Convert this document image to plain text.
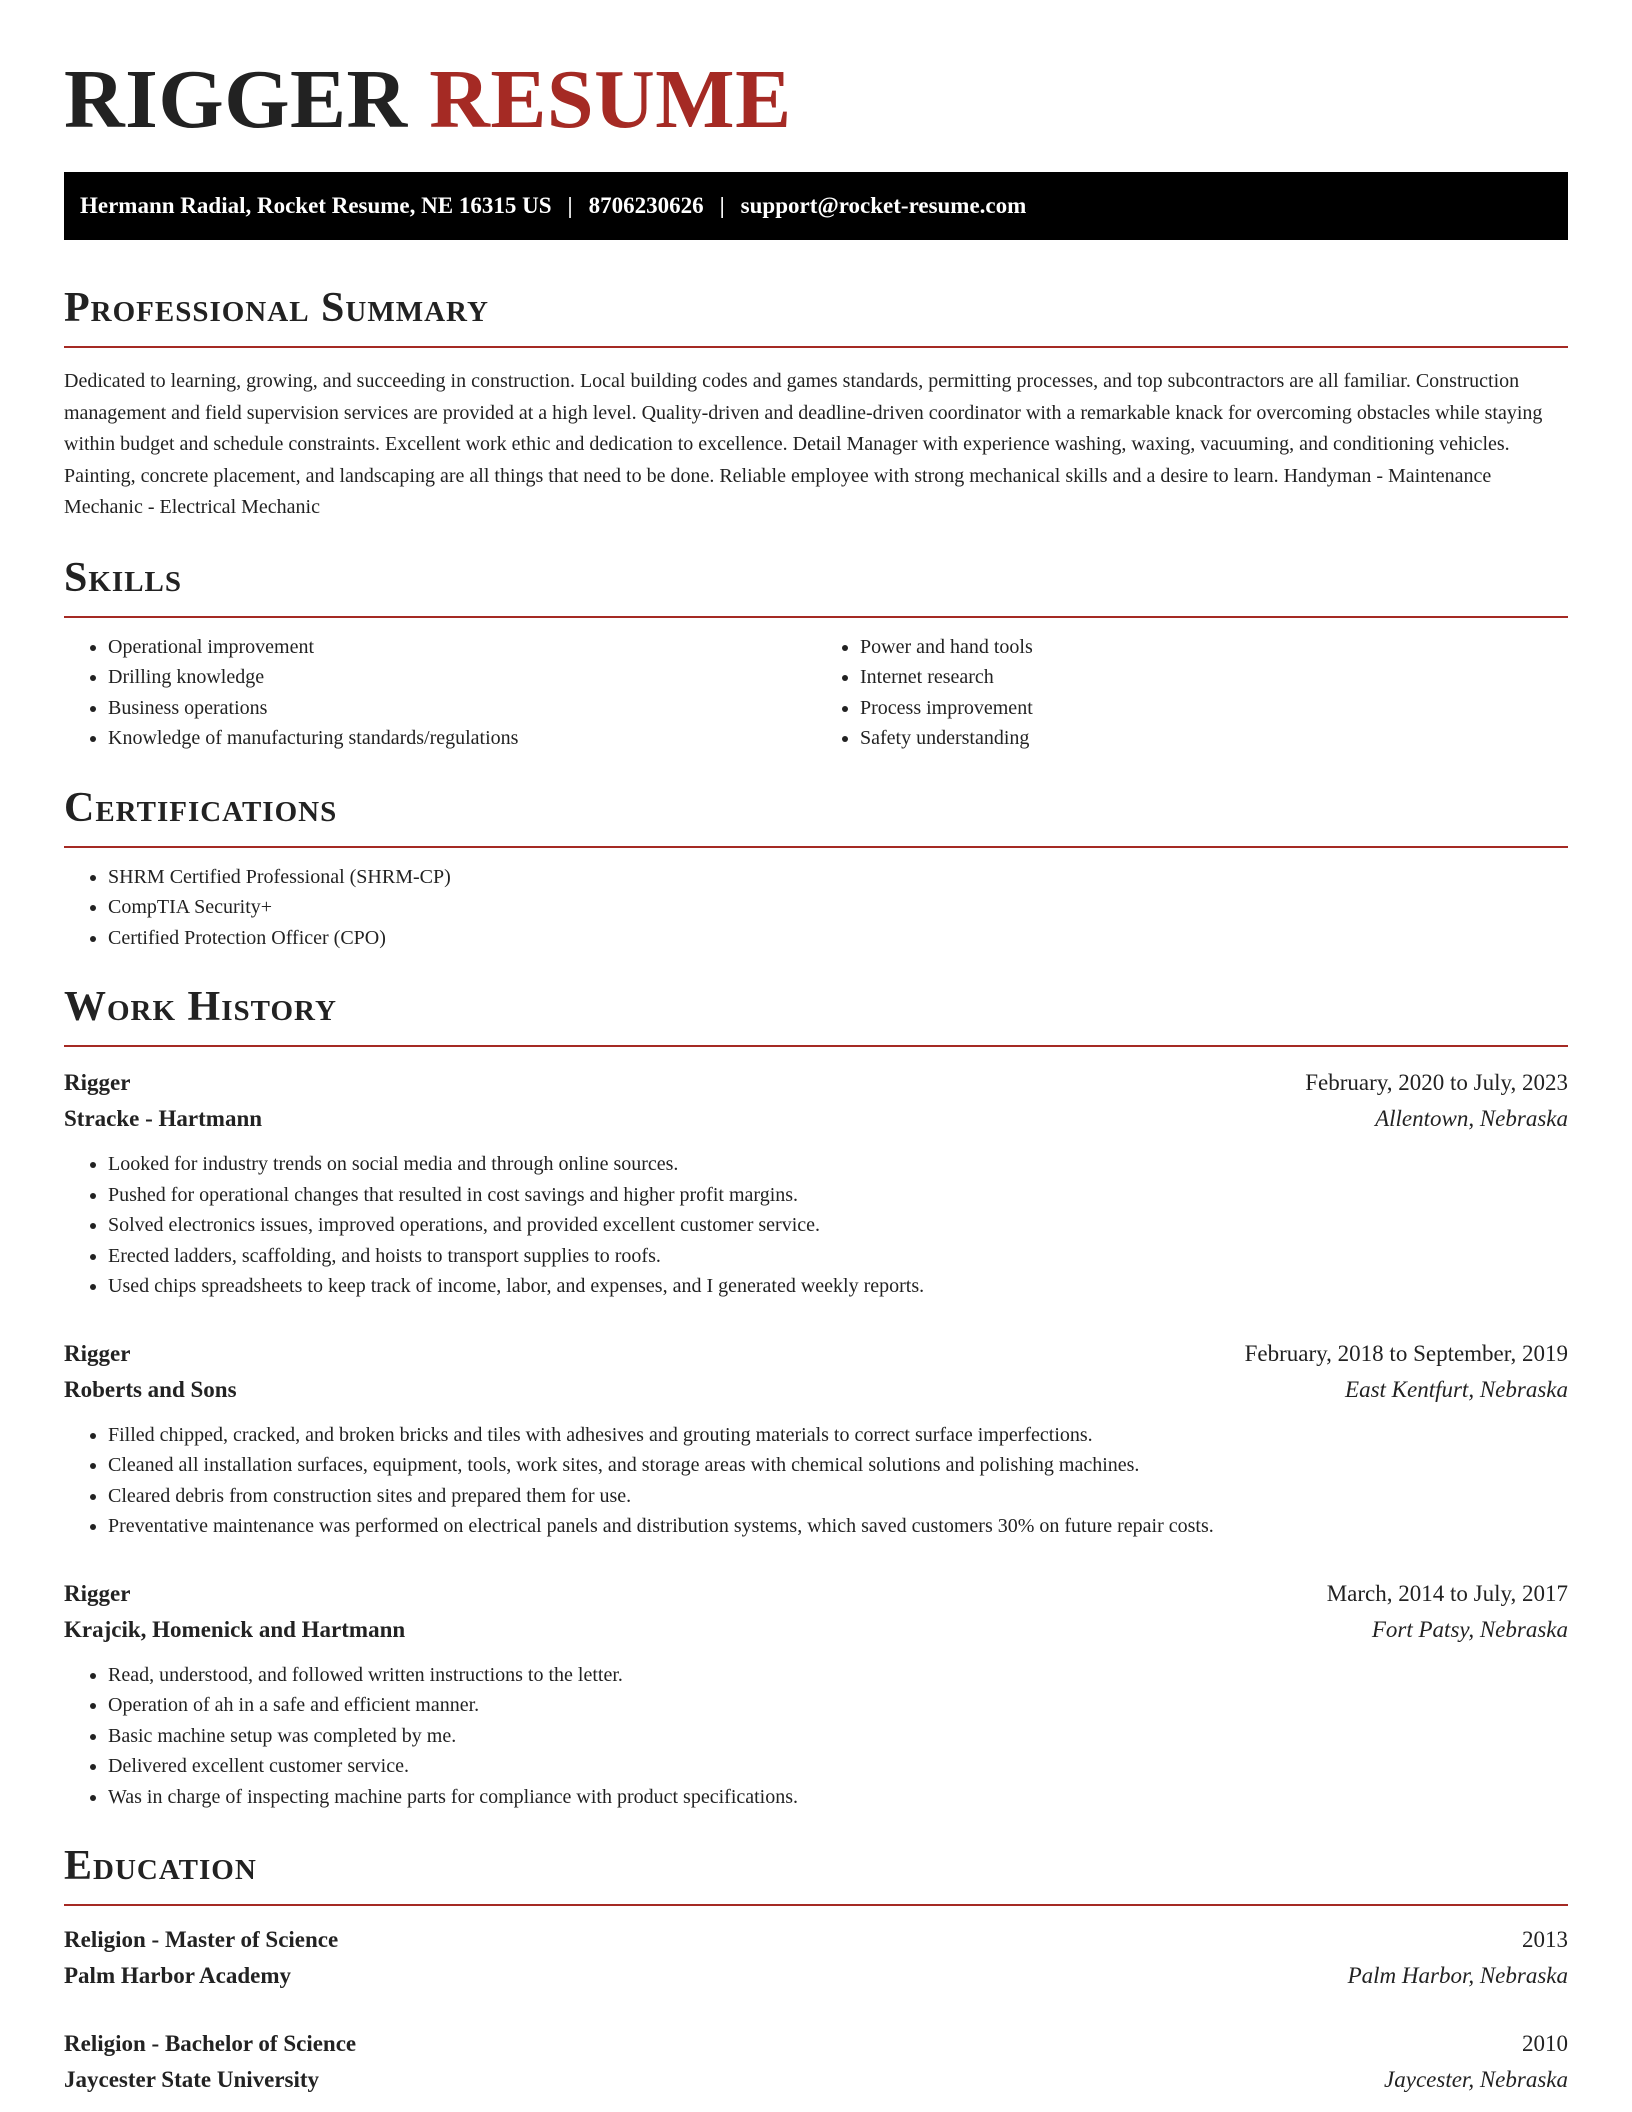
RIGGER RESUME
Hermann Radial, Rocket Resume, NE 16315 US | 8706230626 | support@rocket-resume.com
Professional Summary

Dedicated to learning, growing, and succeeding in construction. Local building codes and games standards, permitting processes, and top subcontractors are all familiar. Construction management and field supervision services are provided at a high level. Quality-driven and deadline-driven coordinator with a remarkable knack for overcoming obstacles while staying within budget and schedule constraints. Excellent work ethic and dedication to excellence. Detail Manager with experience washing, waxing, vacuuming, and conditioning vehicles. Painting, concrete placement, and landscaping are all things that need to be done. Reliable employee with strong mechanical skills and a desire to learn. Handyman - Maintenance Mechanic - Electrical Mechanic

Skills
• Operational improvement
• Drilling knowledge
• Business operations
• Knowledge of manufacturing standards/regulations
• Power and hand tools
• Internet research
• Process improvement
• Safety understanding
Certifications
• SHRM Certified Professional (SHRM-CP)
• CompTIA Security+
• Certified Protection Officer (CPO)
Work History
Rigger	February, 2020 to July, 2023
Stracke - Hartmann	Allentown, Nebraska
• Looked for industry trends on social media and through online sources.
• Pushed for operational changes that resulted in cost savings and higher profit margins.
• Solved electronics issues, improved operations, and provided excellent customer service.
• Erected ladders, scaffolding, and hoists to transport supplies to roofs.
• Used chips spreadsheets to keep track of income, labor, and expenses, and I generated weekly reports.
Rigger	February, 2018 to September, 2019
Roberts and Sons	East Kentfurt, Nebraska
• Filled chipped, cracked, and broken bricks and tiles with adhesives and grouting materials to correct surface imperfections.
• Cleaned all installation surfaces, equipment, tools, work sites, and storage areas with chemical solutions and polishing machines.
• Cleared debris from construction sites and prepared them for use.
• Preventative maintenance was performed on electrical panels and distribution systems, which saved customers 30% on future repair costs.
Rigger	March, 2014 to July, 2017
Krajcik, Homenick and Hartmann	Fort Patsy, Nebraska
• Read, understood, and followed written instructions to the letter.
• Operation of ah in a safe and efficient manner.
• Basic machine setup was completed by me.
• Delivered excellent customer service.
• Was in charge of inspecting machine parts for compliance with product specifications.
Education
Religion - Master of Science	2013
Palm Harbor Academy	Palm Harbor, Nebraska
Religion - Bachelor of Science	2010
Jaycester State University	Jaycester, Nebraska
